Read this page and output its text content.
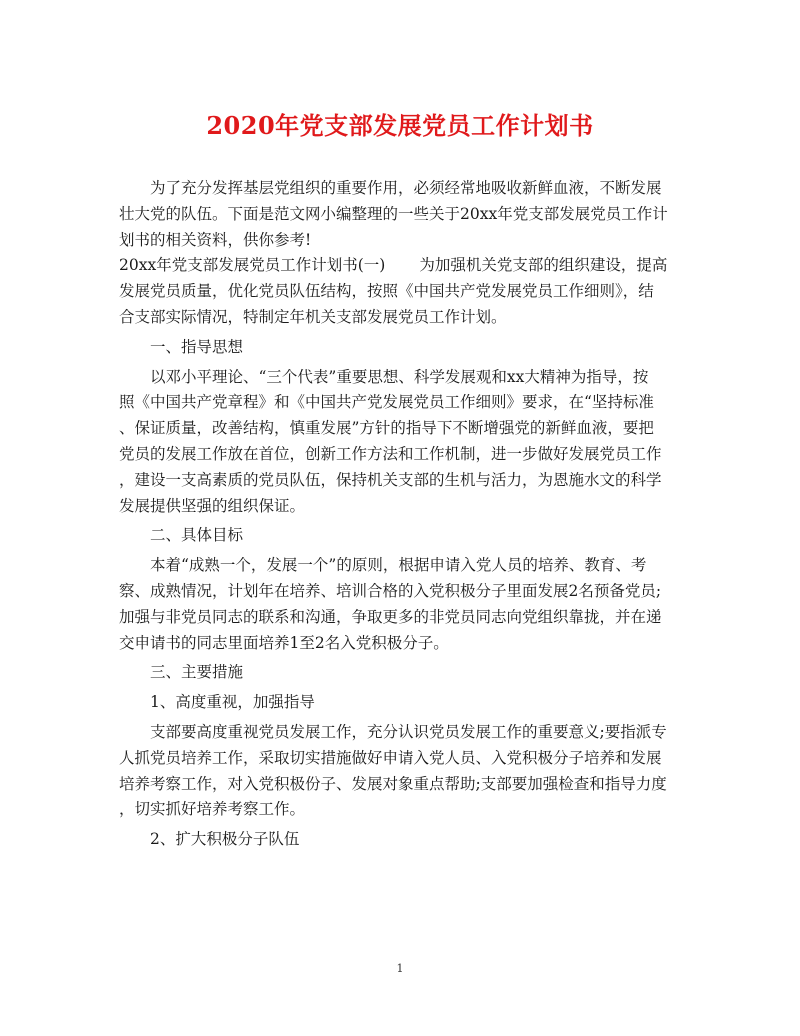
2020年党支部发展党员工作计划书
为了充分发挥基层党组织的重要作用，必须经常地吸收新鲜血液，不断发展
壮大党的队伍。下面是范文网小编整理的一些关于20xx年党支部发展党员工作计
划书的相关资料，供你参考!
20xx年党支部发展党员工作计划书(一) 为加强机关党支部的组织建设，提高
发展党员质量，优化党员队伍结构，按照《中国共产党发展党员工作细则》，结
合支部实际情况，特制定年机关支部发展党员工作计划。
一、指导思想
以邓小平理论、“三个代表”重要思想、科学发展观和xx大精神为指导，按
照《中国共产党章程》和《中国共产党发展党员工作细则》要求，在“坚持标准
、保证质量，改善结构，慎重发展”方针的指导下不断增强党的新鲜血液，要把
党员的发展工作放在首位，创新工作方法和工作机制，进一步做好发展党员工作
，建设一支高素质的党员队伍，保持机关支部的生机与活力，为恩施水文的科学
发展提供坚强的组织保证。
二、具体目标
本着“成熟一个，发展一个”的原则，根据申请入党人员的培养、教育、考
察、成熟情况，计划年在培养、培训合格的入党积极分子里面发展2名预备党员;
加强与非党员同志的联系和沟通，争取更多的非党员同志向党组织靠拢，并在递
交申请书的同志里面培养1至2名入党积极分子。
三、主要措施
1、高度重视，加强指导
支部要高度重视党员发展工作，充分认识党员发展工作的重要意义;要指派专
人抓党员培养工作，采取切实措施做好申请入党人员、入党积极分子培养和发展
培养考察工作，对入党积极份子、发展对象重点帮助;支部要加强检查和指导力度
，切实抓好培养考察工作。
2、扩大积极分子队伍
1
